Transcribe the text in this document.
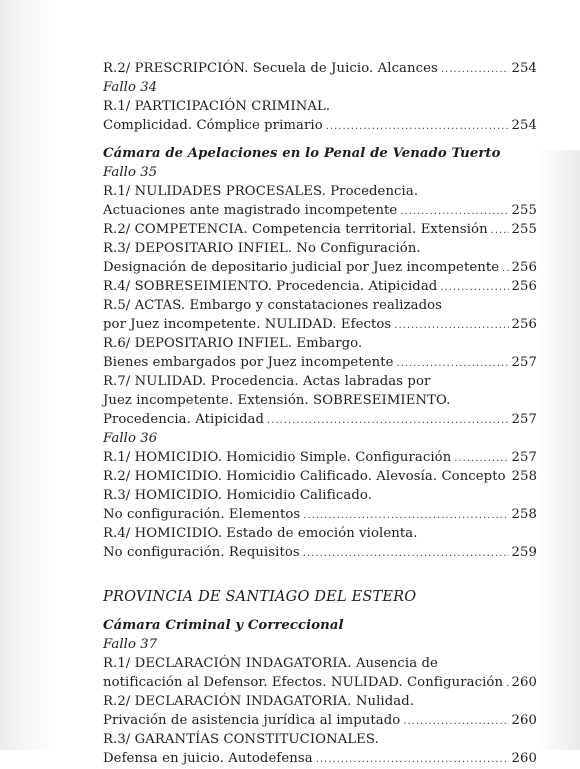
R.2/ PRESCRIPCIÓN. Secuela de Juicio. Alcances .....	254
Fallo 34
R.1/ PARTICIPACIÓN CRIMINAL.
Complicidad. Cómplice primario .....	254
Cámara de Apelaciones en lo Penal de Venado Tuerto
Fallo 35
R.1/ NULIDADES PROCESALES. Procedencia.
Actuaciones ante magistrado incompetente .....	255
R.2/ COMPETENCIA. Competencia territorial. Extensión ..... 255
R.3/ DEPOSITARIO INFIEL. No Configuración.
Designación de depositario judicial por Juez incompetente ..... 256
R.4/ SOBRESEIMIENTO. Procedencia. Atipicidad .....	256
R.5/ ACTAS. Embargo y constataciones realizados
por Juez incompetente. NULIDAD. Efectos .....	256
R.6/ DEPOSITARIO INFIEL. Embargo.
Bienes embargados por Juez incompetente .....	257
R.7/ NULIDAD. Procedencia. Actas labradas por
Juez incompetente. Extensión. SOBRESEIMIENTO.
Procedencia. Atipicidad .....	257
Fallo 36
R.1/ HOMICIDIO. Homicidio Simple. Configuración .....	257
R.2/ HOMICIDIO. Homicidio Calificado. Alevosía. Concepto 258
R.3/ HOMICIDIO. Homicidio Calificado.
No configuración. Elementos .....	258
R.4/ HOMICIDIO. Estado de emoción violenta.
No configuración. Requisitos .....	259
PROVINCIA DE SANTIAGO DEL ESTERO
Cámara Criminal y Correccional
Fallo 37
R.1/ DECLARACIÓN INDAGATORIA. Ausencia de
notificación al Defensor. Efectos. NULIDAD. Configuración ..... 260
R.2/ DECLARACIÓN INDAGATORIA. Nulidad.
Privación de asistencia jurídica al imputado .....	260
R.3/ GARANTÍAS CONSTITUCIONALES.
Defensa en juicio. Autodefensa .....	260
